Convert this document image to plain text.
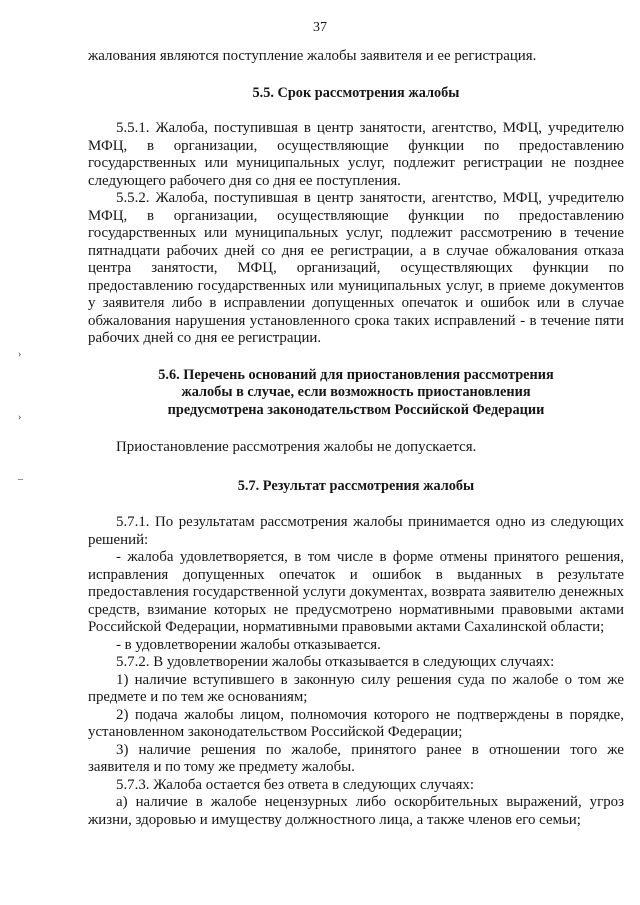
37
›
›
–

жалования являются поступление жалобы заявителя и ее регистрация.

5.5. Срок рассмотрения жалобы

5.5.1. Жалоба, поступившая в центр занятости, агентство, МФЦ, учредителю МФЦ, в организации, осуществляющие функции по предоставлению государственных или муниципальных услуг, подлежит регистрации не позднее следующего рабочего дня со дня ее поступления.

5.5.2. Жалоба, поступившая в центр занятости, агентство, МФЦ, учредителю МФЦ, в организации, осуществляющие функции по предоставлению государственных или муниципальных услуг, подлежит рассмотрению в течение пятнадцати рабочих дней со дня ее регистрации, а в случае обжалования отказа центра занятости, МФЦ, организаций, осуществляющих функции по предоставлению государственных или муниципальных услуг, в приеме документов у заявителя либо в исправлении допущенных опечаток и ошибок или в случае обжалования нарушения установленного срока таких исправлений - в течение пяти рабочих дней со дня ее регистрации.

5.6. Перечень оснований для приостановления рассмотрения

жалобы в случае, если возможность приостановления

предусмотрена законодательством Российской Федерации

Приостановление рассмотрения жалобы не допускается.

5.7. Результат рассмотрения жалобы

5.7.1. По результатам рассмотрения жалобы принимается одно из следующих решений:

- жалоба удовлетворяется, в том числе в форме отмены принятого решения, исправления допущенных опечаток и ошибок в выданных в результате предоставления государственной услуги документах, возврата заявителю денежных средств, взимание которых не предусмотрено нормативными правовыми актами Российской Федерации, нормативными правовыми актами Сахалинской области;

- в удовлетворении жалобы отказывается.

5.7.2. В удовлетворении жалобы отказывается в следующих случаях:

1) наличие вступившего в законную силу решения суда по жалобе о том же предмете и по тем же основаниям;

2) подача жалобы лицом, полномочия которого не подтверждены в порядке, установленном законодательством Российской Федерации;

3) наличие решения по жалобе, принятого ранее в отношении того же заявителя и по тому же предмету жалобы.

5.7.3. Жалоба остается без ответа в следующих случаях:

а) наличие в жалобе нецензурных либо оскорбительных выражений, угроз жизни, здоровью и имуществу должностного лица, а также членов его семьи;
